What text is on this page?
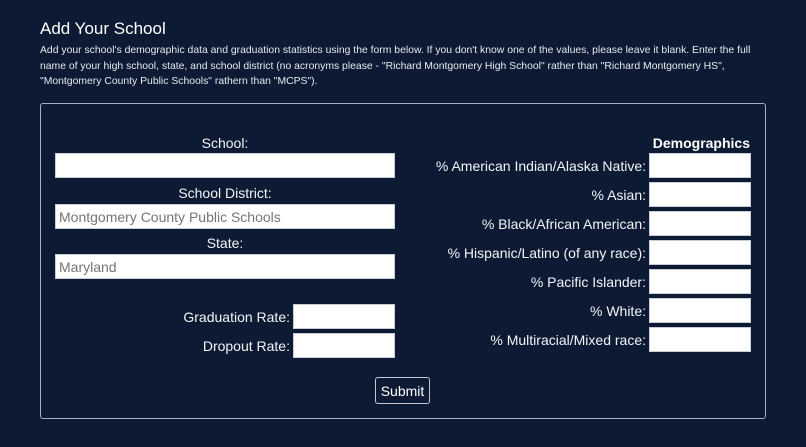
Add Your School

Add your school's demographic data and graduation statistics using the form below. If you don't know one of the values, please leave it blank. Enter the full name of your high school, state, and school district (no acronyms please - "Richard Montgomery High School" rather than "Richard Montgomery HS", "Montgomery County Public Schools" rathern than "MCPS").

School:
School District:
Montgomery County Public Schools
State:
Maryland
Graduation Rate:
Dropout Rate:
Demographics
% American Indian/Alaska Native:
% Asian:
% Black/African American:
% Hispanic/Latino (of any race):
% Pacific Islander:
% White:
% Multiracial/Mixed race:
Submit
